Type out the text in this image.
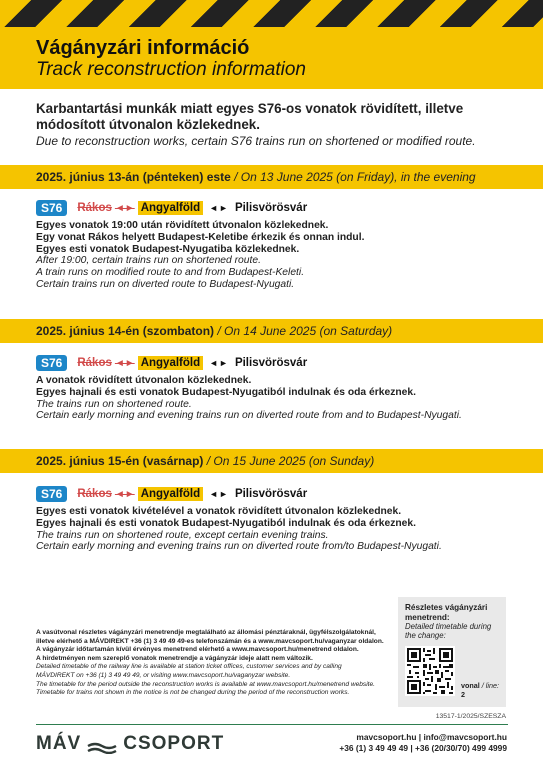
Vágányzári információ
Track reconstruction information
Karbantartási munkák miatt egyes S76-os vonatok rövidített, illetve módosított útvonalon közlekednek.
Due to reconstruction works, certain S76 trains run on shortened or modified route.
2025. június 13-án (pénteken) este / On 13 June 2025 (on Friday), in the evening
S76	Rákos ◄► Angyalföld	◄► Pilisvörösvár
Egyes vonatok 19:00 után rövidített útvonalon közlekednek.
Egy vonat Rákos helyett Budapest-Keletibe érkezik és onnan indul.
Egyes esti vonatok Budapest-Nyugatiba közlekednek.
After 19:00, certain trains run on shortened route.
A train runs on modified route to and from Budapest-Keleti.
Certain trains run on diverted route to Budapest-Nyugati.
2025. június 14-én (szombaton) / On 14 June 2025 (on Saturday)
S76	Rákos ◄► Angyalföld	◄► Pilisvörösvár
A vonatok rövidített útvonalon közlekednek.
Egyes hajnali és esti vonatok Budapest-Nyugatiból indulnak és oda érkeznek.
The trains run on shortened route.
Certain early morning and evening trains run on diverted route from and to Budapest-Nyugati.
2025. június 15-én (vasárnap) / On 15 June 2025 (on Sunday)
S76	Rákos ◄► Angyalföld	◄► Pilisvörösvár
Egyes esti vonatok kivételével a vonatok rövidített útvonalon közlekednek.
Egyes hajnali és esti vonatok Budapest-Nyugatiból indulnak és oda érkeznek.
The trains run on shortened route, except certain evening trains.
Certain early morning and evening trains run on diverted route from/to Budapest-Nyugati.
A vasútvonal részletes vágányzári menetrendje megtalálható az állomási pénztáraknál, ügyfélszolgálatoknál,
illetve elérhető a MÁVDIREKT +36 (1) 3 49 49 49-es telefonszámán és a www.mavcsoport.hu/vaganyzar oldalon.
A vágányzár időtartamán kívül érvényes menetrend elérhető a www.mavcsoport.hu/menetrend oldalon.
A hirdetményen nem szereplő vonatok menetrendje a vágányzár ideje alatt nem változik.
Detailed timetable of the railway line is available at station ticket offices, customer services and by calling
MÁVDIREKT on +36 (1) 3 49 49 49, or visiting www.mavcsoport.hu/vaganyzar website.
The timetable for the period outside the reconstruction works is available at www.mavcsoport.hu/menetrend website.
Timetable for trains not shown in the notice is not be changed during the period of the reconstruction works.
Részletes vágányzári menetrend:
Detailed timetable during the change:
vonal / line:
2
13517-1/2025/SZESZA
MÁV CSOPORT	mavcsoport.hu | info@mavcsoport.hu
+36 (1) 3 49 49 49 | +36 (20/30/70) 499 4999
